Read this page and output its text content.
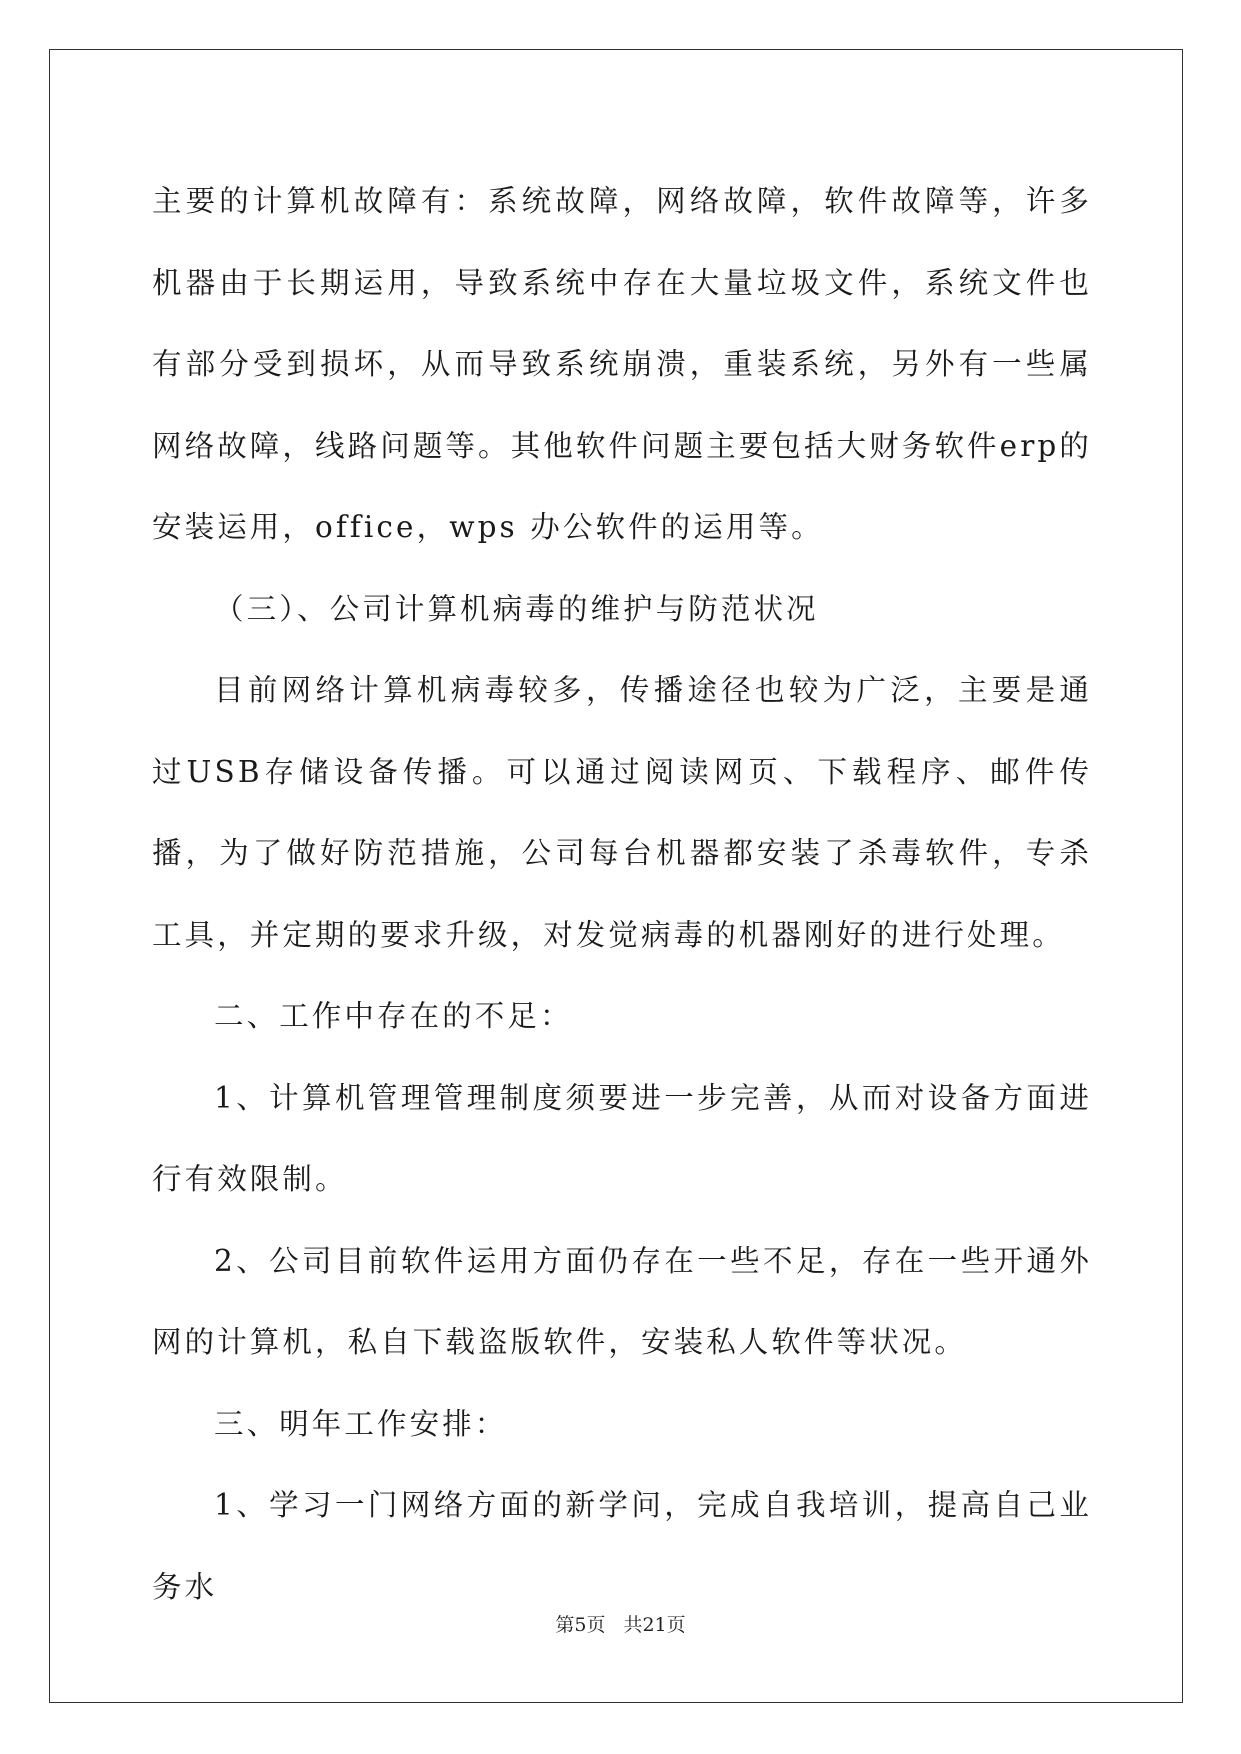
主要的计算机故障有：系统故障，网络故障，软件故障等，许多机器由于长期运用，导致系统中存在大量垃圾文件，系统文件也有部分受到损坏，从而导致系统崩溃，重装系统，另外有一些属网络故障，线路问题等。其他软件问题主要包括大财务软件erp的安装运用，office，wps 办公软件的运用等。

（三）、公司计算机病毒的维护与防范状况

目前网络计算机病毒较多，传播途径也较为广泛，主要是通过USB存储设备传播。可以通过阅读网页、下载程序、邮件传播，为了做好防范措施，公司每台机器都安装了杀毒软件，专杀工具，并定期的要求升级，对发觉病毒的机器刚好的进行处理。

二、工作中存在的不足：

1、计算机管理管理制度须要进一步完善，从而对设备方面进行有效限制。

2、公司目前软件运用方面仍存在一些不足，存在一些开通外网的计算机，私自下载盗版软件，安装私人软件等状况。

三、明年工作安排：

1、学习一门网络方面的新学问，完成自我培训，提高自己业务水

第5页 共21页
